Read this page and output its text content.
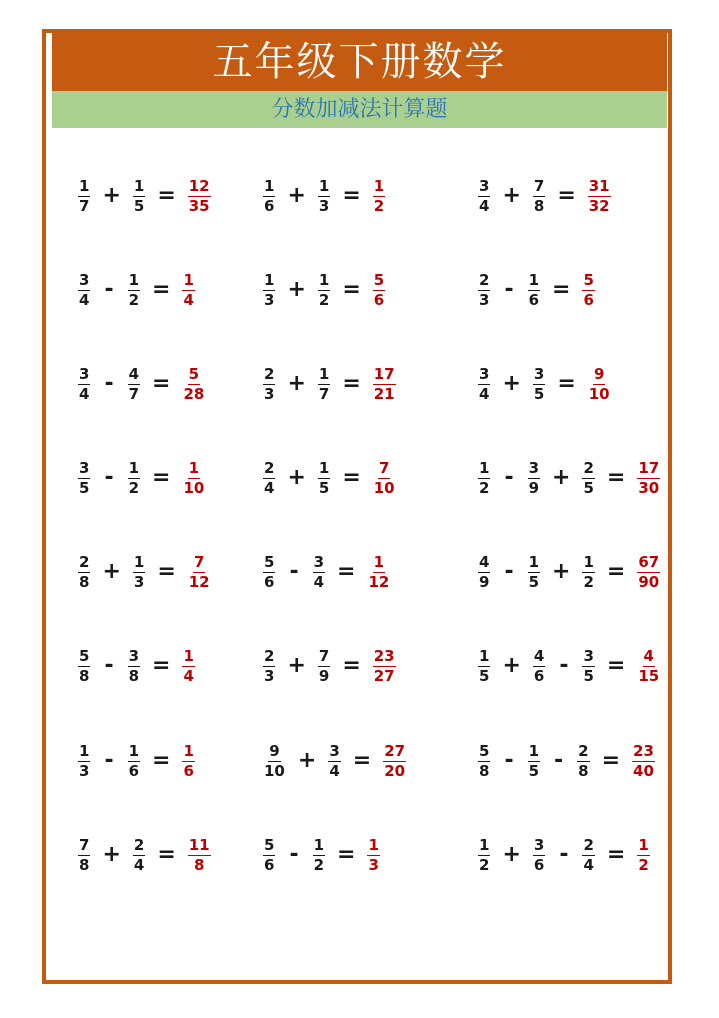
五年级下册数学
分数加减法计算题
$\frac{1}{7} + \frac{1}{5} = \frac{12}{35}$	$\frac{1}{6} + \frac{1}{3} = \frac{1}{2}$	$\frac{3}{4} + \frac{7}{8} = \frac{31}{32}$
$\frac{3}{4} - \frac{1}{2} = \frac{1}{4}$	$\frac{1}{3} + \frac{1}{2} = \frac{5}{6}$	$\frac{2}{3} - \frac{1}{6} = \frac{5}{6}$
$\frac{3}{4} - \frac{4}{7} = \frac{5}{28}$	$\frac{2}{3} + \frac{1}{7} = \frac{17}{21}$	$\frac{3}{4} + \frac{3}{5} = \frac{9}{10}$
$\frac{3}{5} - \frac{1}{2} = \frac{1}{10}$	$\frac{2}{4} + \frac{1}{5} = \frac{7}{10}$	$\frac{1}{2} - \frac{3}{9} + \frac{2}{5} = \frac{17}{30}$
$\frac{2}{8} + \frac{1}{3} = \frac{7}{12}$	$\frac{5}{6} - \frac{3}{4} = \frac{1}{12}$	$\frac{4}{9} - \frac{1}{5} + \frac{1}{2} = \frac{67}{90}$
$\frac{5}{8} - \frac{3}{8} = \frac{1}{4}$	$\frac{2}{3} + \frac{7}{9} = \frac{23}{27}$	$\frac{1}{5} + \frac{4}{6} - \frac{3}{5} = \frac{4}{15}$
$\frac{1}{3} - \frac{1}{6} = \frac{1}{6}$	$\frac{9}{10} + \frac{3}{4} = \frac{27}{20}$	$\frac{5}{8} - \frac{1}{5} - \frac{2}{8} = \frac{23}{40}$
$\frac{7}{8} + \frac{2}{4} = \frac{11}{8}$	$\frac{5}{6} - \frac{1}{2} = \frac{1}{3}$	$\frac{1}{2} + \frac{3}{6} - \frac{2}{4} = \frac{1}{2}$
